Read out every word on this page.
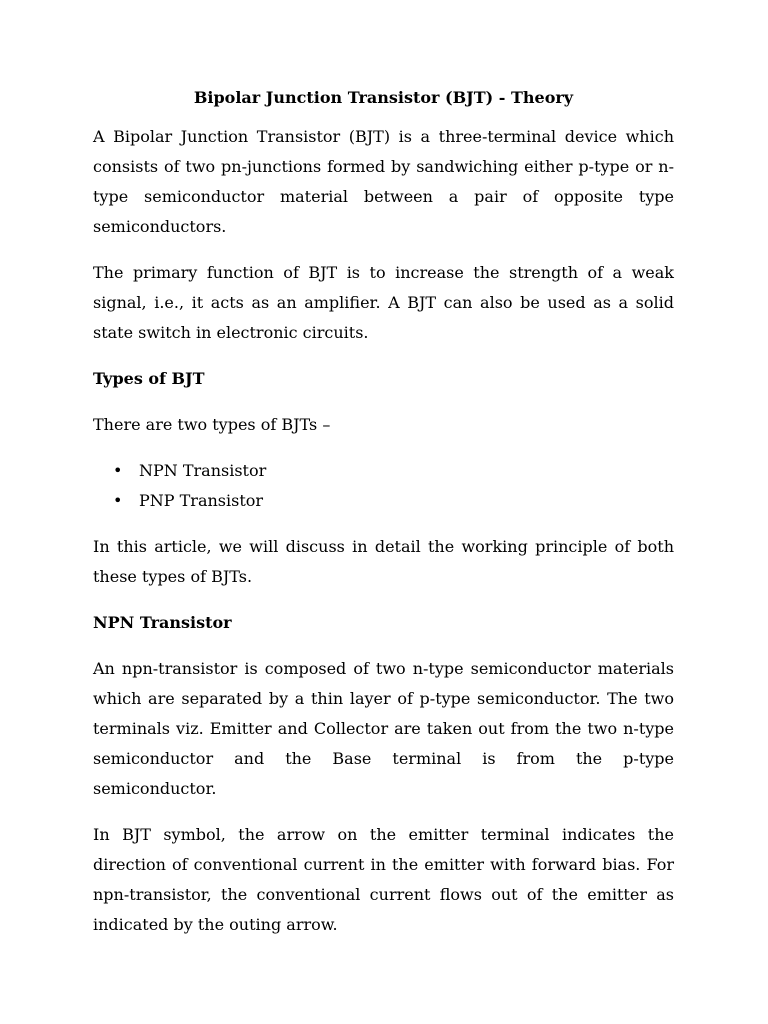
Bipolar Junction Transistor (BJT) - Theory

A Bipolar Junction Transistor (BJT) is a three-terminal device which consists of two pn-junctions formed by sandwiching either p-type or n-type semiconductor material between a pair of opposite type semiconductors.

The primary function of BJT is to increase the strength of a weak signal, i.e., it acts as an amplifier. A BJT can also be used as a solid state switch in electronic circuits.

Types of BJT

There are two types of BJTs –

• NPN Transistor
• PNP Transistor

In this article, we will discuss in detail the working principle of both these types of BJTs.

NPN Transistor

An npn-transistor is composed of two n-type semiconductor materials which are separated by a thin layer of p-type semiconductor. The two terminals viz. Emitter and Collector are taken out from the two n-type semiconductor and the Base terminal is from the p-type semiconductor.

In BJT symbol, the arrow on the emitter terminal indicates the direction of conventional current in the emitter with forward bias. For npn-transistor, the conventional current flows out of the emitter as indicated by the outing arrow.
